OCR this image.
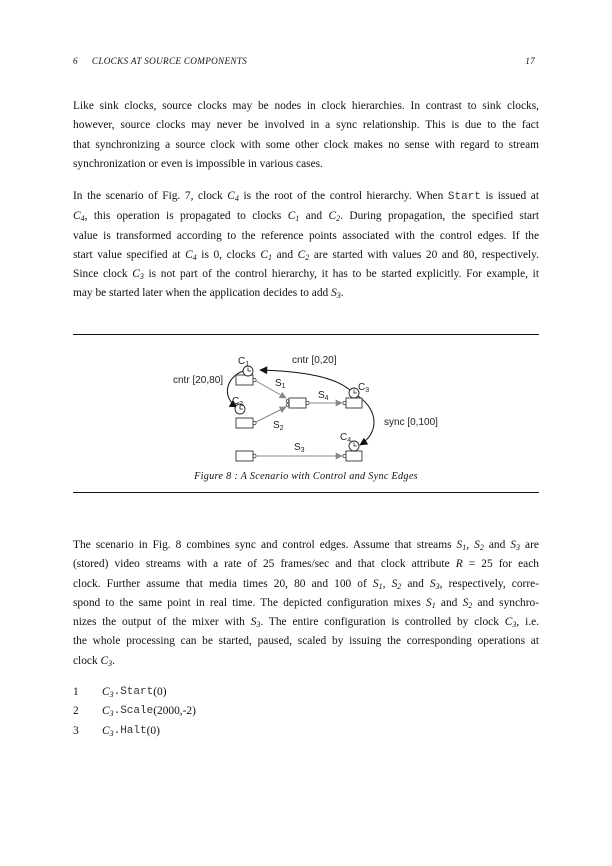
6 CLOCKS AT SOURCE COMPONENTS	17
Like sink clocks, source clocks may be nodes in clock hierarchies. In contrast to sink clocks,
however, source clocks may never be involved in a sync relationship. This is due to the fact
that synchronizing a source clock with some other clock makes no sense with regard to stream
synchronization or even is impossible in various cases.
In the scenario of Fig. 7, clock $C_4$ is the root of the control hierarchy. When Start is issued at
$C_4$, this operation is propagated to clocks $C_1$ and $C_2$. During propagation, the specified start
value is transformed according to the reference points associated with the control edges. If the
start value specified at $C_4$ is 0, clocks $C_1$ and $C_2$ are started with values 20 and 80, respectively.
Since clock $C_3$ is not part of the control hierarchy, it has to be started explicitly. For example, it
may be started later when the application decides to add $S_3$.
$C_1$
$C_2$
$C_3$
$C_4$
$S_1$
$S_2$
$S_3$
$S_4$
cntr [0,20]
cntr [20,80]
sync [0,100]
Figure 8 : A Scenario with Control and Sync Edges
The scenario in Fig. 8 combines sync and control edges. Assume that streams $S_1$, $S_2$ and $S_3$ are
(stored) video streams with a rate of 25 frames/sec and that clock attribute R = 25 for each
clock. Further assume that media times 20, 80 and 100 of $S_1$, $S_2$ and $S_3$, respectively, corre-
spond to the same point in real time. The depicted configuration mixes $S_1$ and $S_2$ and synchro-
nizes the output of the mixer with $S_3$. The entire configuration is controlled by clock $C_3$, i.e.
the whole processing can be started, paused, scaled by issuing the corresponding operations at
clock $C_3$.
1	$C_3$ .Start (0)
2	$C_3$ .Scale (2000,-2)
3	$C_3$ .Halt (0)
